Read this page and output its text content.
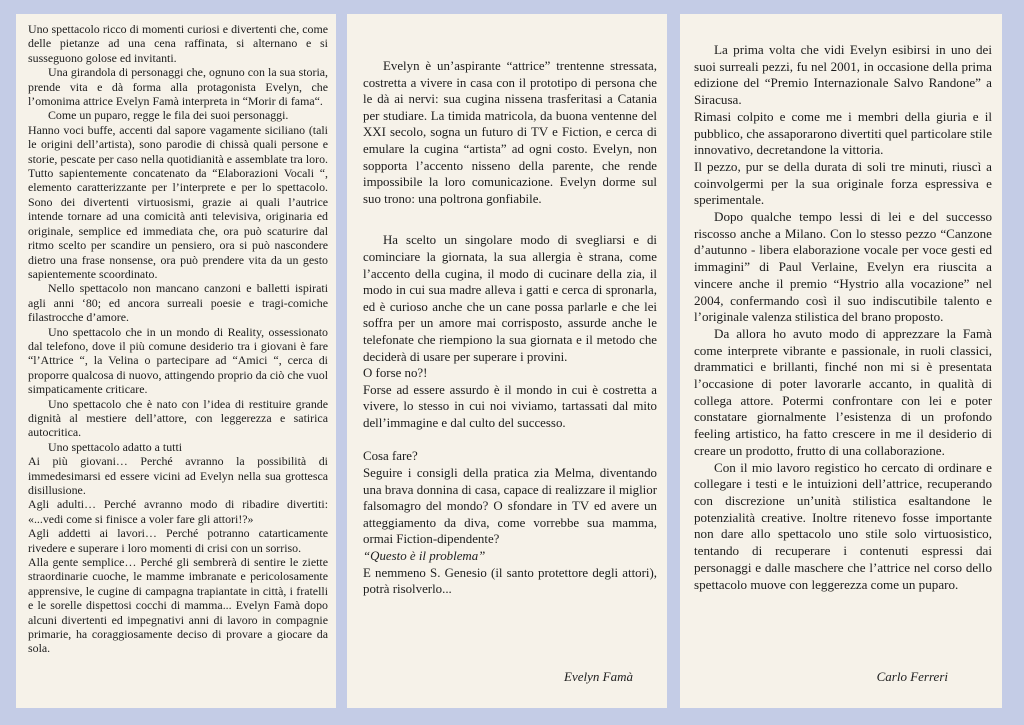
Uno spettacolo ricco di momenti curiosi e divertenti che, come delle pietanze ad una cena raffinata, si alternano e si susseguono golose ed invitanti.

Una girandola di personaggi che, ognuno con la sua storia, prende vita e dà forma alla protagonista Evelyn, che l’omonima attrice Evelyn Famà interpreta in “Morir di fama“.

Come un puparo, regge le fila dei suoi personaggi.

Hanno voci buffe, accenti dal sapore vagamente siciliano (tali le origini dell’artista), sono parodie di chissà quali persone e storie, pescate per caso nella quotidianità e assemblate tra loro. Tutto sapientemente concatenato da “Elaborazioni Vocali “, elemento caratterizzante per l’interprete e per lo spettacolo. Sono dei divertenti virtuosismi, grazie ai quali l’autrice intende tornare ad una comicità anti televisiva, originaria ed originale, semplice ed immediata che, ora può scaturire dal ritmo scelto per scandire un pensiero, ora si può nascondere dietro una frase nonsense, ora può prendere vita da un gesto sapientemente scoordinato.

Nello spettacolo non mancano canzoni e balletti ispirati agli anni ‘80; ed ancora surreali poesie e tragi-comiche filastrocche d’amore.

Uno spettacolo che in un mondo di Reality, ossessionato dal telefono, dove il più comune desiderio tra i giovani è fare “l’Attrice “, la Velina o partecipare ad “Amici “, cerca di proporre qualcosa di nuovo, attingendo proprio da ciò che vuol simpaticamente criticare.

Uno spettacolo che è nato con l’idea di restituire grande dignità al mestiere dell’attore, con leggerezza e satirica autocritica.

Uno spettacolo adatto a tutti

Ai più giovani… Perché avranno la possibilità di immedesimarsi ed essere vicini ad Evelyn nella sua grottesca disillusione.

Agli adulti… Perché avranno modo di ribadire divertiti: «...vedi come si finisce a voler fare gli attori!?»

Agli addetti ai lavori… Perché potranno catarticamente rivedere e superare i loro momenti di crisi con un sorriso.

Alla gente semplice… Perché gli sembrerà di sentire le ziette straordinarie cuoche, le mamme imbranate e pericolosamente apprensive, le cugine di campagna trapiantate in città, i fratelli e le sorelle dispettosi cocchi di mamma... Evelyn Famà dopo alcuni divertenti ed impegnativi anni di lavoro in compagnie primarie, ha coraggiosamente deciso di provare a giocare da sola.

Evelyn è un’aspirante “attrice” trentenne stressata, costretta a vivere in casa con il prototipo di persona che le dà ai nervi: sua cugina nissena trasferitasi a Catania per studiare. La timida matricola, da buona ventenne del XXI secolo, sogna un futuro di TV e Fiction, e cerca di emulare la cugina “artista” ad ogni costo. Evelyn, non sopporta l’accento nisseno della parente, che rende impossibile la loro comunicazione. Evelyn dorme sul suo trono: una poltrona gonfiabile.

Ha scelto un singolare modo di svegliarsi e di cominciare la giornata, la sua allergia è strana, come l’accento della cugina, il modo di cucinare della zia, il modo in cui sua madre alleva i gatti e cerca di spronarla, ed è curioso anche che un cane possa parlarle e che lei soffra per un amore mai corrisposto, assurde anche le telefonate che riempiono la sua giornata e il metodo che deciderà di usare per superare i provini.

O forse no?!

Forse ad essere assurdo è il mondo in cui è costretta a vivere, lo stesso in cui noi viviamo, tartassati dal mito dell’immagine e dal culto del successo.

Cosa fare?

Seguire i consigli della pratica zia Melma, diventando una brava donnina di casa, capace di realizzare il miglior falsomagro del mondo? O sfondare in TV ed avere un atteggiamento da diva, come vorrebbe sua mamma, ormai Fiction-dipendente?

“Questo è il problema”

E nemmeno S. Genesio (il santo protettore degli attori), potrà risolverlo...

Evelyn Famà

La prima volta che vidi Evelyn esibirsi in uno dei suoi surreali pezzi, fu nel 2001, in occasione della prima edizione del “Premio Internazionale Salvo Randone” a Siracusa.

Rimasi colpito e come me i membri della giuria e il pubblico, che assaporarono divertiti quel particolare stile innovativo, decretandone la vittoria.

Il pezzo, pur se della durata di soli tre minuti, riuscì a coinvolgermi per la sua originale forza espressiva e sperimentale.

Dopo qualche tempo lessi di lei e del successo riscosso anche a Milano. Con lo stesso pezzo “Canzone d’autunno - libera elaborazione vocale per voce gesti ed immagini” di Paul Verlaine, Evelyn era riuscita a vincere anche il premio “Hystrio alla vocazione” nel 2004, confermando così il suo indiscutibile talento e l’originale valenza stilistica del brano proposto.

Da allora ho avuto modo di apprezzare la Famà come interprete vibrante e passionale, in ruoli classici, drammatici e brillanti, finché non mi si è presentata l’occasione di poter lavorarle accanto, in qualità di collega attore. Potermi confrontare con lei e poter constatare giornalmente l’esistenza di un profondo feeling artistico, ha fatto crescere in me il desiderio di creare un prodotto, frutto di una collaborazione.

Con il mio lavoro registico ho cercato di ordinare e collegare i testi e le intuizioni dell’attrice, recuperando con discrezione un’unità stilistica esaltandone le potenzialità creative. Inoltre ritenevo fosse importante non dare allo spettacolo uno stile solo virtuosistico, tentando di recuperare i contenuti espressi dai personaggi e dalle maschere che l’attrice nel corso dello spettacolo muove con leggerezza come un puparo.

Carlo Ferreri
